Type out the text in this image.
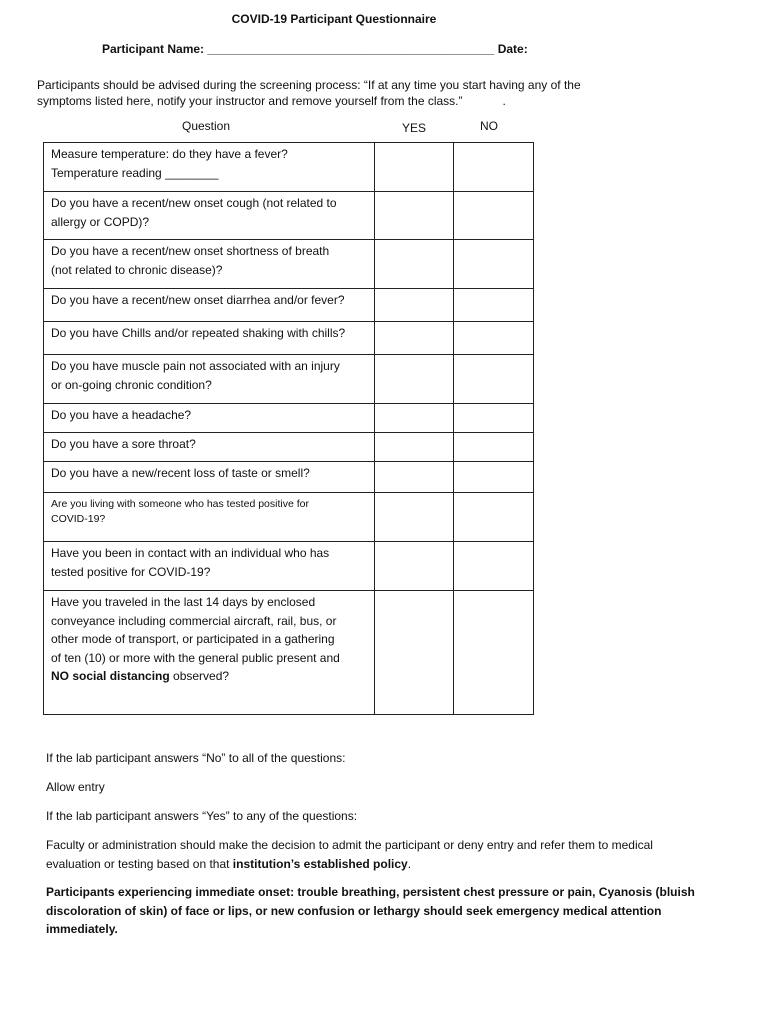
COVID-19 Participant Questionnaire
Participant Name: ___________________________________________ Date:
Participants should be advised during the screening process: “If at any time you start having any of the
symptoms listed here, notify your instructor and remove yourself from the class.”	.
Question	YES	NO
Measure temperature: do they have a fever?
Temperature reading ________		

Do you have a recent/new onset cough (not related to
allergy or COPD)?		

Do you have a recent/new onset shortness of breath
(not related to chronic disease)?		

Do you have a recent/new onset diarrhea and/or fever?		

Do you have Chills and/or repeated shaking with chills?		

Do you have muscle pain not associated with an injury
or on-going chronic condition?		

Do you have a headache?		

Do you have a sore throat?		

Do you have a new/recent loss of taste or smell?		

Are you living with someone who has tested positive for
COVID-19?		

Have you been in contact with an individual who has
tested positive for COVID-19?		

Have you traveled in the last 14 days by enclosed
conveyance including commercial aircraft, rail, bus, or
other mode of transport, or participated in a gathering
of ten (10) or more with the general public present and
NO social distancing observed?		

If the lab participant answers “No” to all of the questions:
Allow entry
If the lab participant answers “Yes” to any of the questions:
Faculty or administration should make the decision to admit the participant or deny entry and refer them to medical
evaluation or testing based on that institution’s established policy.
Participants experiencing immediate onset: trouble breathing, persistent chest pressure or pain, Cyanosis (bluish
discoloration of skin) of face or lips, or new confusion or lethargy should seek emergency medical attention
immediately.
